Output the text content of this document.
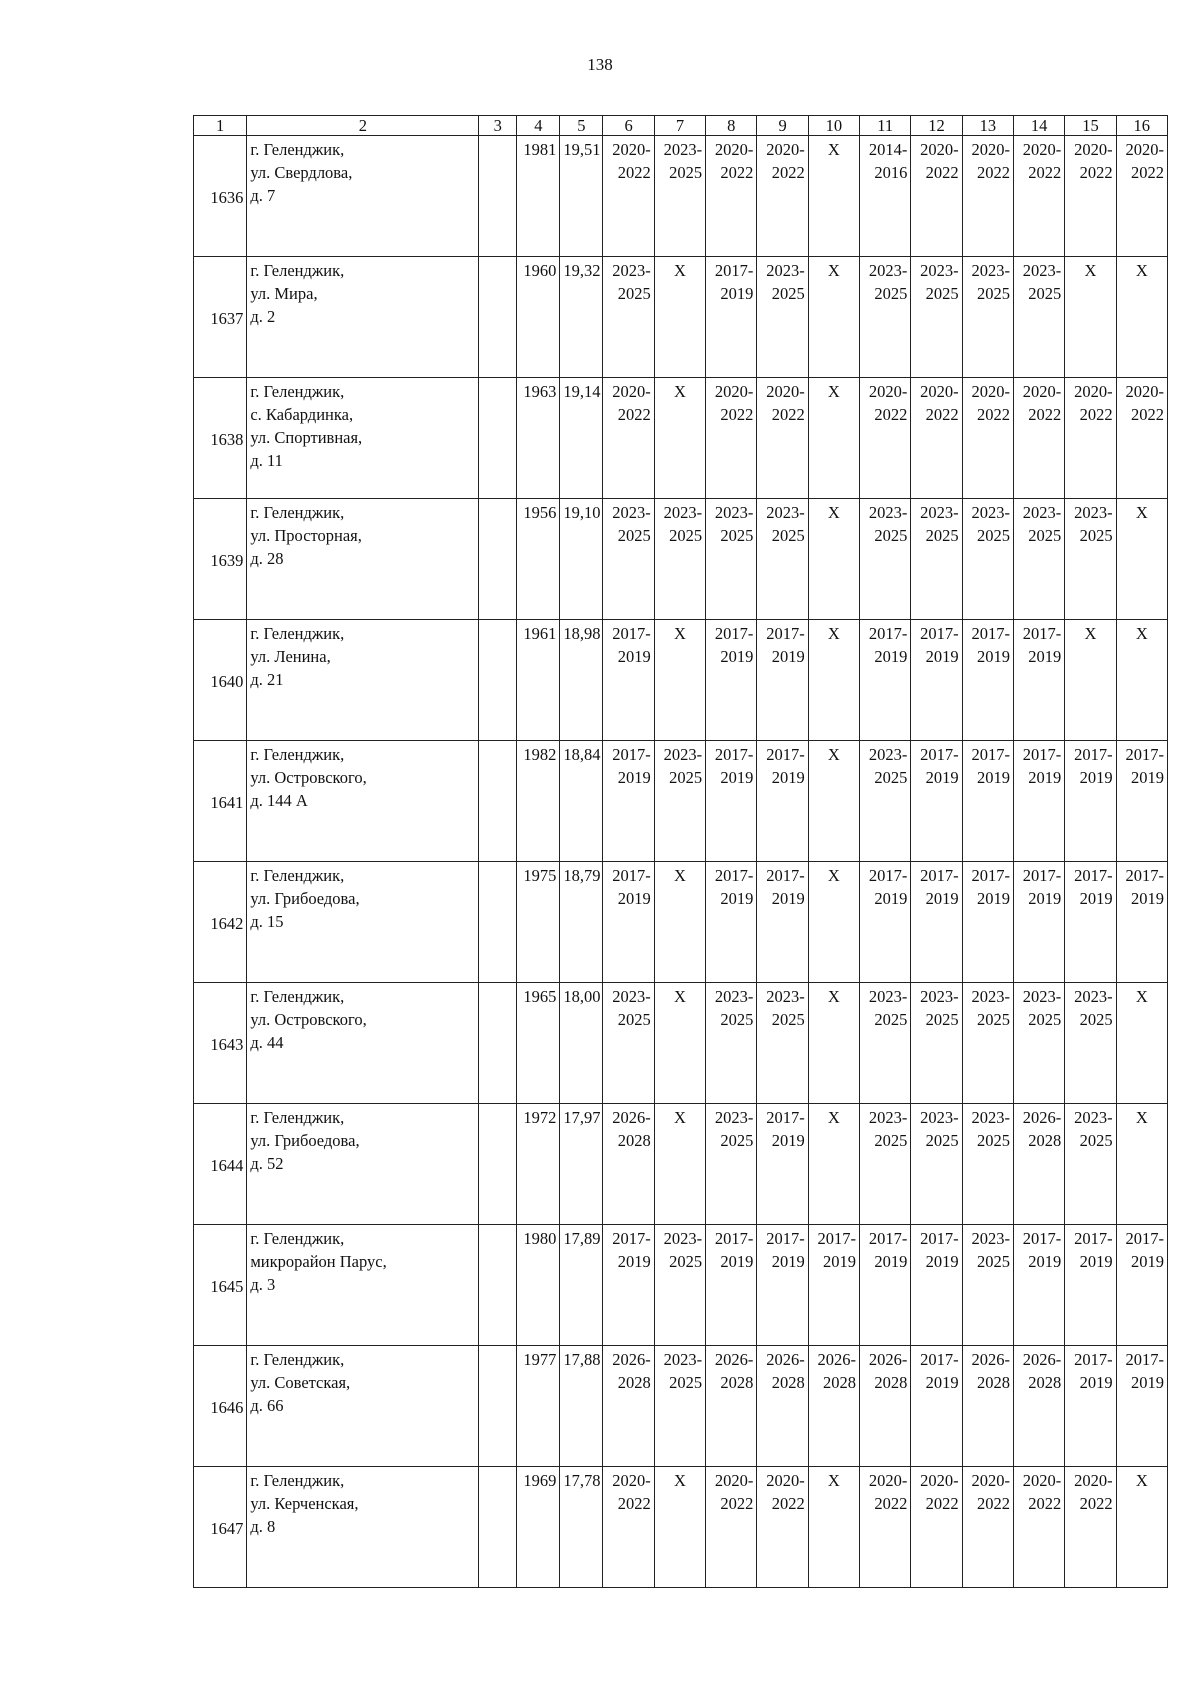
138
1	2	3	4	5	6	7	8	9	10	11	12	13	14	15	16
1636	г. Геленджик,
ул. Свердлова,
д. 7		1981	19,51	2020-
2022	2023-
2025	2020-
2022	2020-
2022	X	2014-
2016	2020-
2022	2020-
2022	2020-
2022	2020-
2022	2020-
2022
1637	г. Геленджик,
ул. Мира,
д. 2		1960	19,32	2023-
2025	X	2017-
2019	2023-
2025	X	2023-
2025	2023-
2025	2023-
2025	2023-
2025	X	X
1638	г. Геленджик,
с. Кабардинка,
ул. Спортивная,
д. 11		1963	19,14	2020-
2022	X	2020-
2022	2020-
2022	X	2020-
2022	2020-
2022	2020-
2022	2020-
2022	2020-
2022	2020-
2022
1639	г. Геленджик,
ул. Просторная,
д. 28		1956	19,10	2023-
2025	2023-
2025	2023-
2025	2023-
2025	X	2023-
2025	2023-
2025	2023-
2025	2023-
2025	2023-
2025	X
1640	г. Геленджик,
ул. Ленина,
д. 21		1961	18,98	2017-
2019	X	2017-
2019	2017-
2019	X	2017-
2019	2017-
2019	2017-
2019	2017-
2019	X	X
1641	г. Геленджик,
ул. Островского,
д. 144 А		1982	18,84	2017-
2019	2023-
2025	2017-
2019	2017-
2019	X	2023-
2025	2017-
2019	2017-
2019	2017-
2019	2017-
2019	2017-
2019
1642	г. Геленджик,
ул. Грибоедова,
д. 15		1975	18,79	2017-
2019	X	2017-
2019	2017-
2019	X	2017-
2019	2017-
2019	2017-
2019	2017-
2019	2017-
2019	2017-
2019
1643	г. Геленджик,
ул. Островского,
д. 44		1965	18,00	2023-
2025	X	2023-
2025	2023-
2025	X	2023-
2025	2023-
2025	2023-
2025	2023-
2025	2023-
2025	X
1644	г. Геленджик,
ул. Грибоедова,
д. 52		1972	17,97	2026-
2028	X	2023-
2025	2017-
2019	X	2023-
2025	2023-
2025	2023-
2025	2026-
2028	2023-
2025	X
1645	г. Геленджик,
микрорайон Парус,
д. 3		1980	17,89	2017-
2019	2023-
2025	2017-
2019	2017-
2019	2017-
2019	2017-
2019	2017-
2019	2023-
2025	2017-
2019	2017-
2019	2017-
2019
1646	г. Геленджик,
ул. Советская,
д. 66		1977	17,88	2026-
2028	2023-
2025	2026-
2028	2026-
2028	2026-
2028	2026-
2028	2017-
2019	2026-
2028	2026-
2028	2017-
2019	2017-
2019
1647	г. Геленджик,
ул. Керченская,
д. 8		1969	17,78	2020-
2022	X	2020-
2022	2020-
2022	X	2020-
2022	2020-
2022	2020-
2022	2020-
2022	2020-
2022	X
